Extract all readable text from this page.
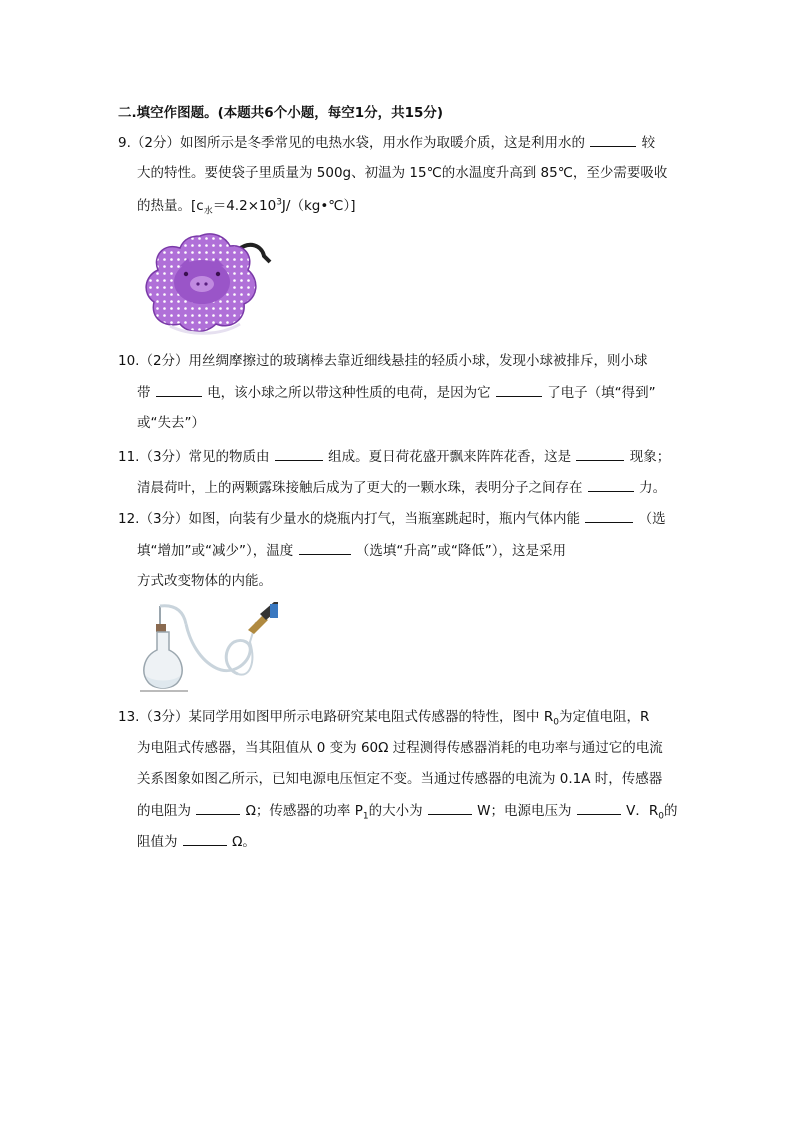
二.填空作图题。(本题共6个小题，每空1分，共15分)
9.（2分）如图所示是冬季常见的电热水袋，用水作为取暖介质，这是利用水的	较
大的特性。要使袋子里质量为 500g、初温为 15℃的水温度升高到 85℃，至少需要吸收
的热量。$[c_水=4.2\times 10^3J/(kg•℃)]$
10.（2分）用丝绸摩擦过的玻璃棒去靠近细线悬挂的轻质小球，发现小球被排斥，则小球
带	电，该小球之所以带这种性质的电荷，是因为它	了电子（填“得到”
或“失去”）
11.（3分）常见的物质由	组成。夏日荷花盛开飘来阵阵花香，这是	现象；
清晨荷叶，上的两颗露珠接触后成为了更大的一颗水珠，表明分子之间存在	力。
12.（3分）如图，向装有少量水的烧瓶内打气，当瓶塞跳起时，瓶内气体内能	（选
填“增加”或“减少”），温度	（选填“升高”或“降低”），这是采用
方式改变物体的内能。
13.（3分）某同学用如图甲所示电路研究某电阻式传感器的特性，图中 $R_0$为定值电阻，R
为电阻式传感器，当其阻值从 0 变为 60Ω 过程测得传感器消耗的电功率与通过它的电流
关系图象如图乙所示，已知电源电压恒定不变。当通过传感器的电流为 0.1A 时，传感器
的电阻为	Ω；传感器的功率 $P_1$的大小为	W；电源电压为	V．$R_0$的
阻值为	Ω。
